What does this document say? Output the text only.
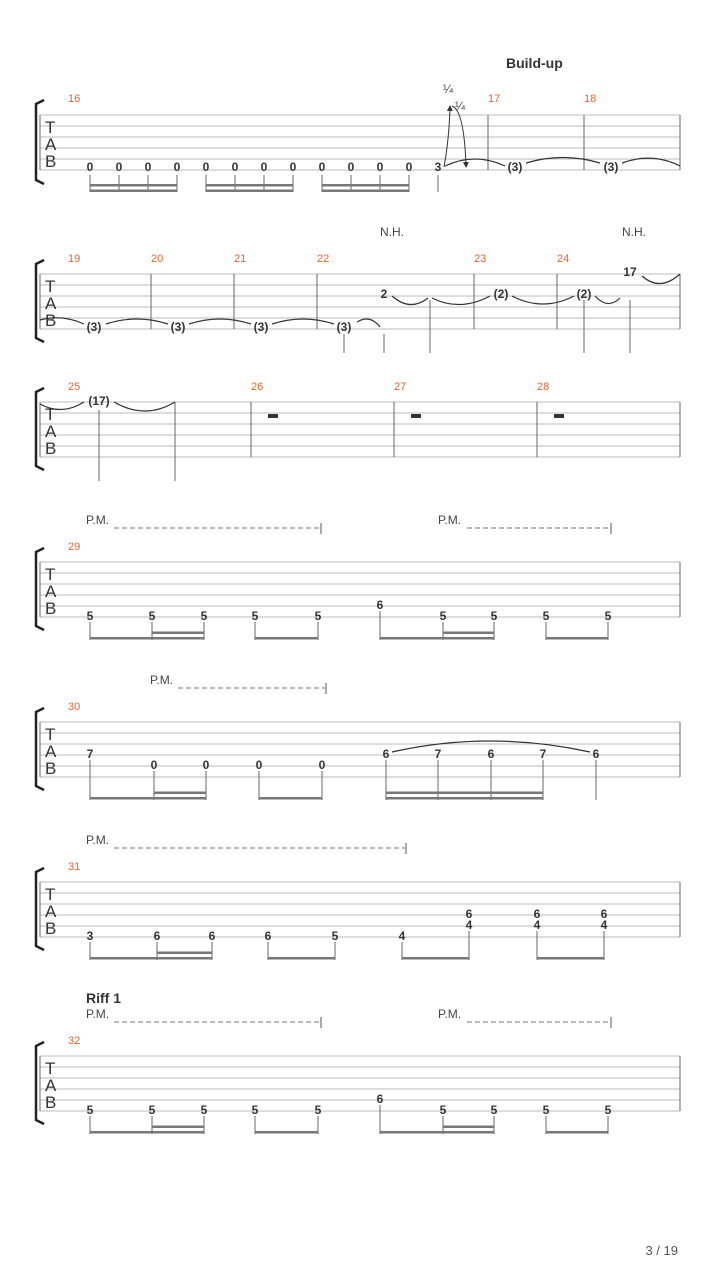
T
A
B
16	17	18
Build-up
0 0 0 0 0 0 0 0 0 0 0 0 3	(3)	(3)
¼
¼
T
A
B
19	20	21	22	23	24
N.H.	N.H.
(3)	(3)	(3)	(3)
2	(2)	(2)
17
T
A
B
25	26	27	28
(17)
P.M.	P.M.
T
A
B
29
5	5	5	5	5
6
5	5	5	5
P.M.
T
A
B
30
7
0	0	0	0
6	7	6	7	6
P.M.
T
A
B
31
3	6	6	6	5	4
6
4
6
4
6
4
Riff 1
P.M.	P.M.
T
A
B
32
5	5	5	5	5
6
5	5	5	5
3 / 19
